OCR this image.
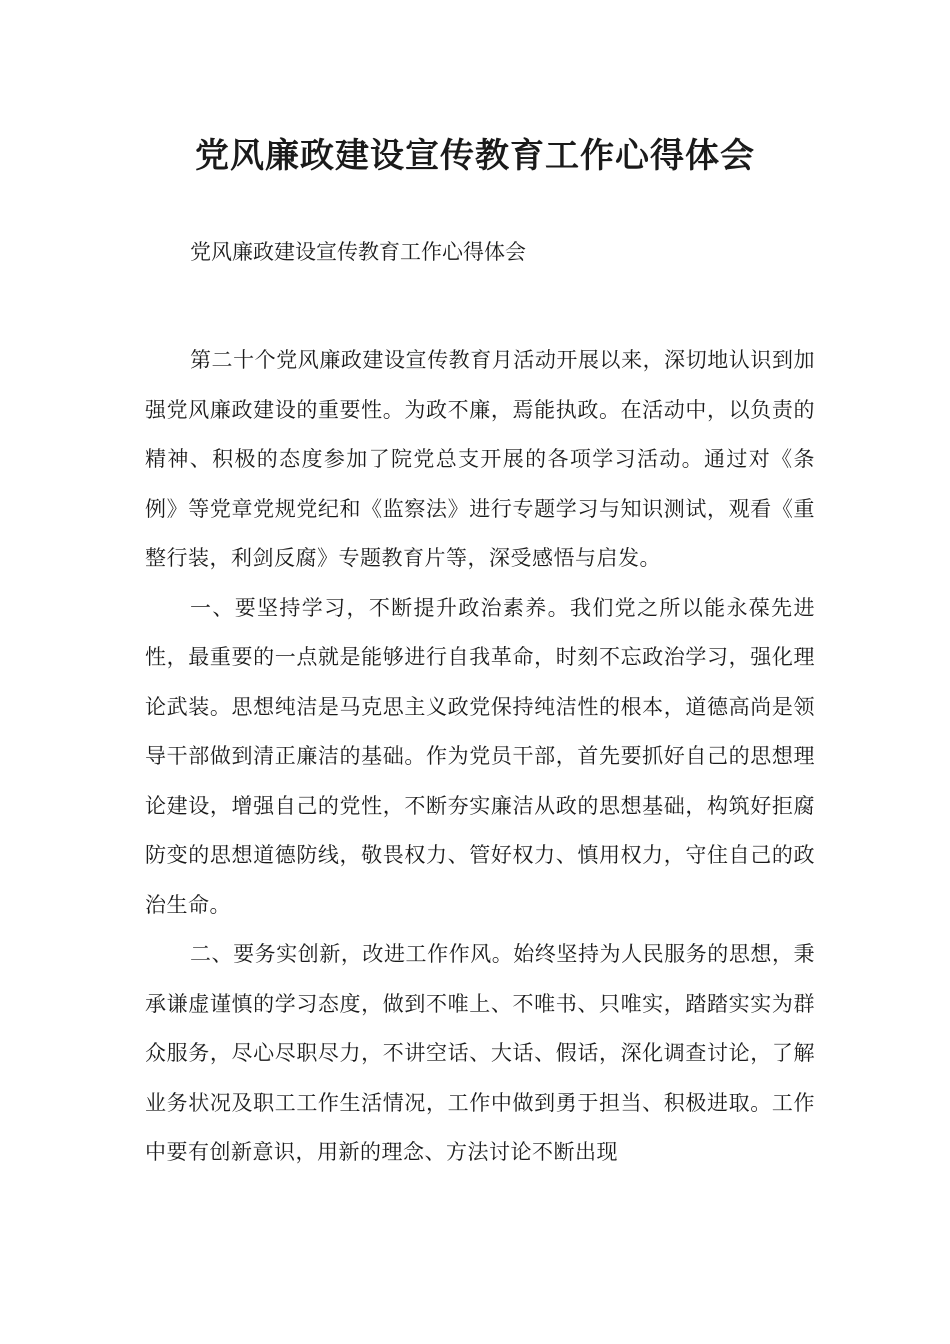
党风廉政建设宣传教育工作心得体会

党风廉政建设宣传教育工作心得体会

第二十个党风廉政建设宣传教育月活动开展以来，深切地认识到加强党风廉政建设的重要性。为政不廉，焉能执政。在活动中，以负责的精神、积极的态度参加了院党总支开展的各项学习活动。通过对《条例》等党章党规党纪和《监察法》进行专题学习与知识测试，观看《重整行装，利剑反腐》专题教育片等，深受感悟与启发。

一、要坚持学习，不断提升政治素养。我们党之所以能永葆先进性，最重要的一点就是能够进行自我革命，时刻不忘政治学习，强化理论武装。思想纯洁是马克思主义政党保持纯洁性的根本，道德高尚是领导干部做到清正廉洁的基础。作为党员干部，首先要抓好自己的思想理论建设，增强自己的党性，不断夯实廉洁从政的思想基础，构筑好拒腐防变的思想道德防线，敬畏权力、管好权力、慎用权力，守住自己的政治生命。

二、要务实创新，改进工作作风。始终坚持为人民服务的思想，秉承谦虚谨慎的学习态度，做到不唯上、不唯书、只唯实，踏踏实实为群众服务，尽心尽职尽力，不讲空话、大话、假话，深化调查讨论，了解业务状况及职工工作生活情况，工作中做到勇于担当、积极进取。工作中要有创新意识，用新的理念、方法讨论不断出现
